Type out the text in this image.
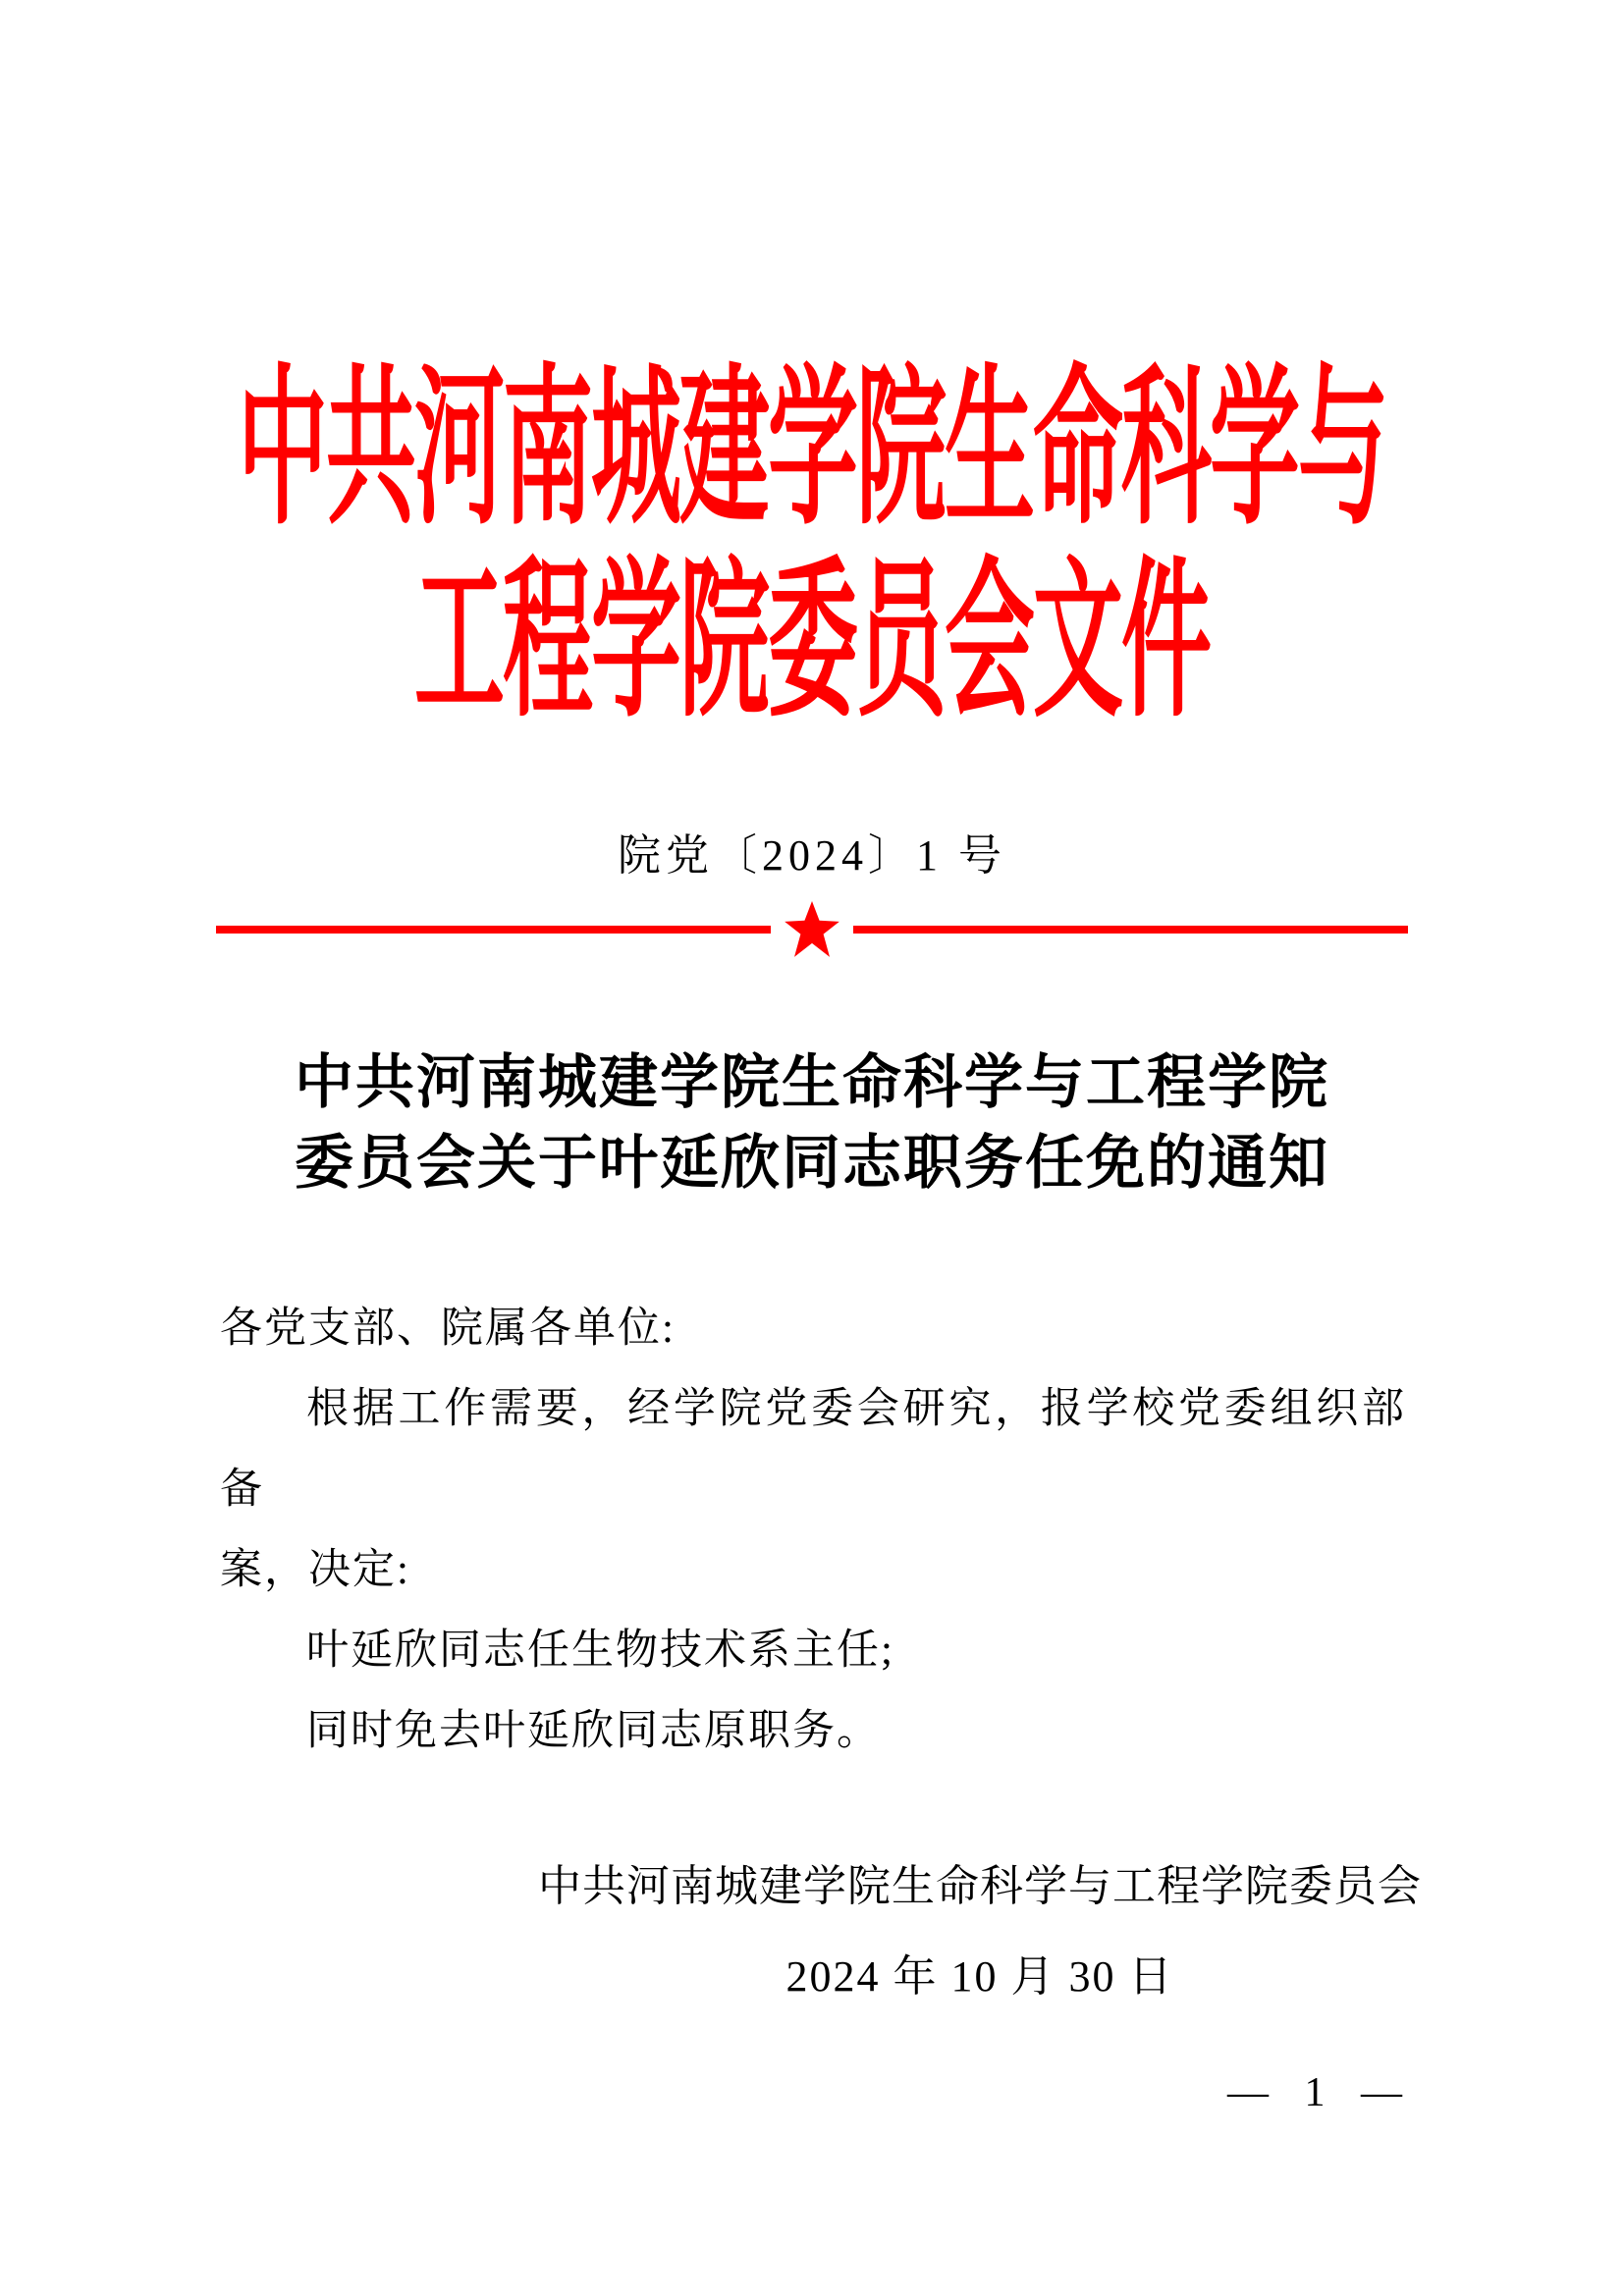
中共河南城建学院生命科学与
工程学院委员会文件
院党〔2024〕1 号
中共河南城建学院生命科学与工程学院
委员会关于叶延欣同志职务任免的通知
各党支部、院属各单位:
根据工作需要，经学院党委会研究，报学校党委组织部备
案，决定:
叶延欣同志任生物技术系主任;
同时免去叶延欣同志原职务。
中共河南城建学院生命科学与工程学院委员会
2024 年 10 月 30 日
— 1 —
